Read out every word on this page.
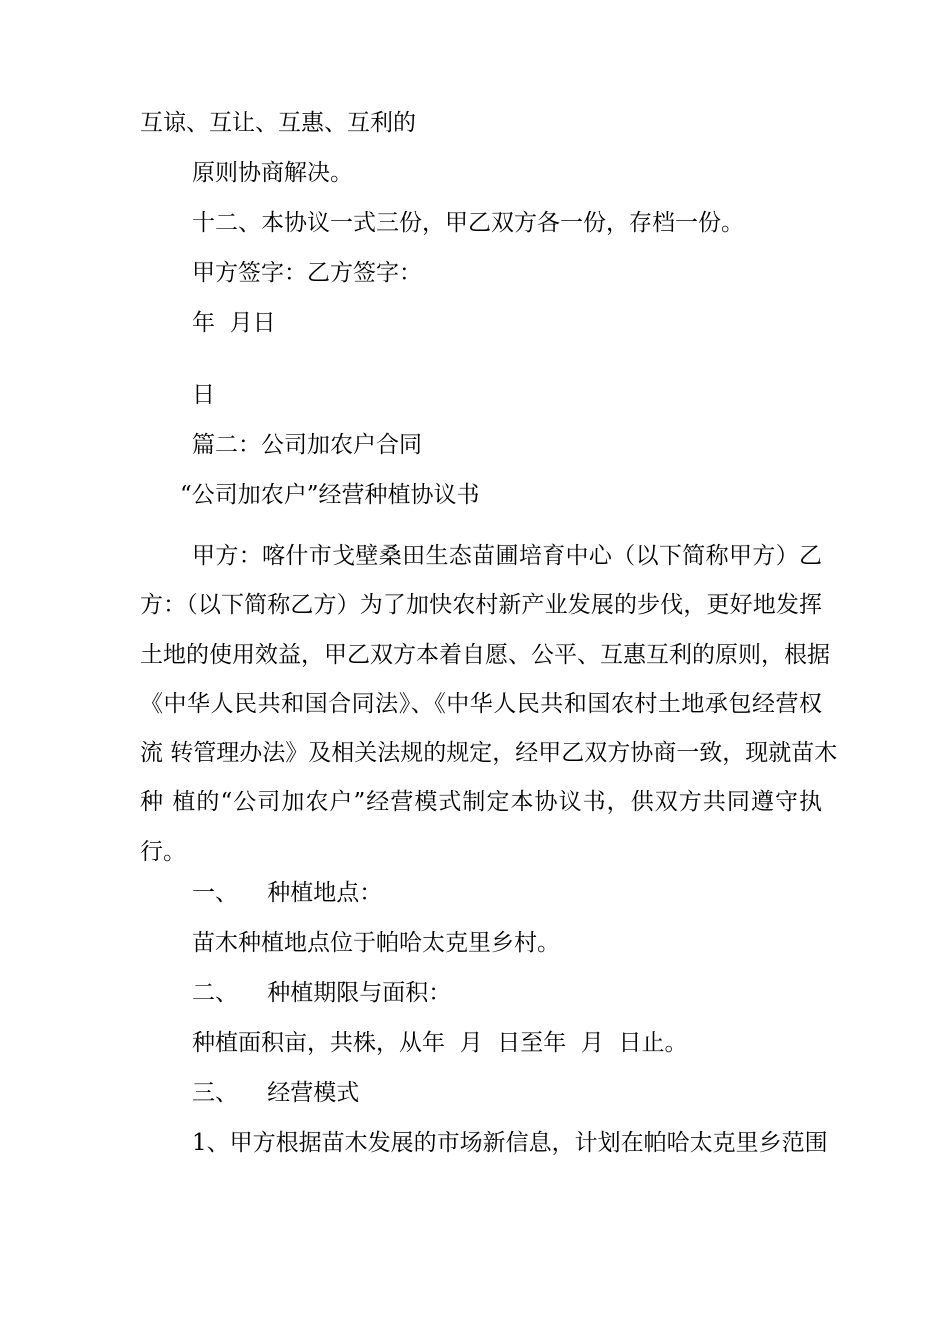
互谅、互让、互惠、互利的

原则协商解决。

十二、本协议一式三份，甲乙双方各一份，存档一份。

甲方签字：乙方签字：

年  月日

日

篇二：公司加农户合同

“公司加农户”经营种植协议书

甲方：喀什市戈壁桑田生态苗圃培育中心（以下简称甲方）乙
方：（以下简称乙方）为了加快农村新产业发展的步伐，更好地发挥
土地的使用效益，甲乙双方本着自愿、公平、互惠互利的原则，根据
《中华人民共和国合同法》、《中华人民共和国农村土地承包经营权
流 转管理办法》及相关法规的规定，经甲乙双方协商一致，现就苗木
种 植的“公司加农户”经营模式制定本协议书，供双方共同遵守执
行。

一、    种植地点：

苗木种植地点位于帕哈太克里乡村。

二、    种植期限与面积：

种植面积亩，共株，从年  月  日至年  月  日止。

三、    经营模式

1、甲方根据苗木发展的市场新信息，计划在帕哈太克里乡范围
